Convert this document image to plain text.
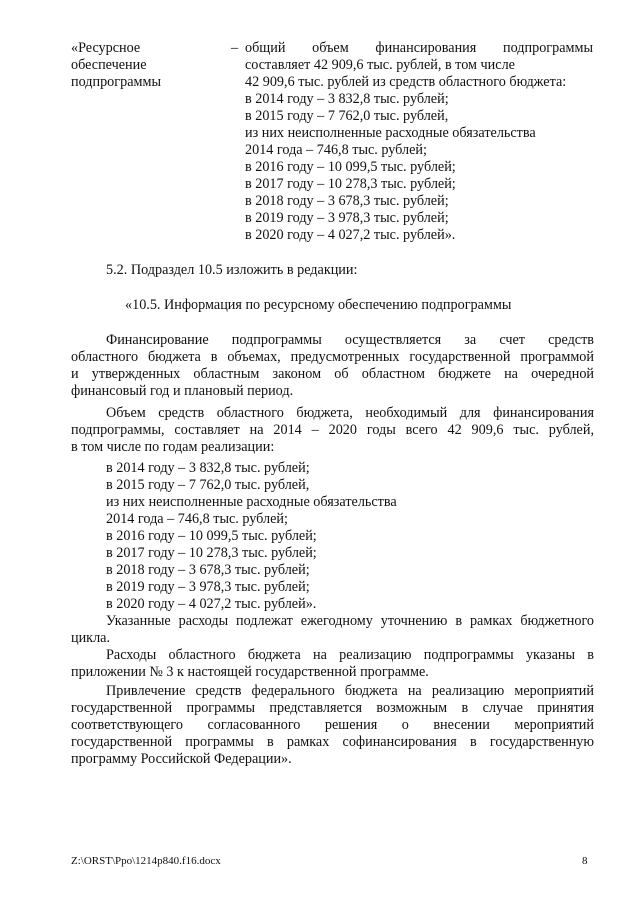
«Ресурсное
обеспечение
подпрограммы
– общий объем финансирования подпрограммы
составляет 42 909,6 тыс. рублей, в том числе
42 909,6 тыс. рублей из средств областного бюджета:
в 2014 году – 3 832,8 тыс. рублей;
в 2015 году – 7 762,0 тыс. рублей,
из них неисполненные расходные обязательства
2014 года – 746,8 тыс. рублей;
в 2016 году – 10 099,5 тыс. рублей;
в 2017 году – 10 278,3 тыс. рублей;
в 2018 году – 3 678,3 тыс. рублей;
в 2019 году – 3 978,3 тыс. рублей;
в 2020 году – 4 027,2 тыс. рублей».
5.2. Подраздел 10.5 изложить в редакции:
«10.5. Информация по ресурсному обеспечению подпрограммы
Финансирование подпрограммы осуществляется за счет средств
областного бюджета в объемах, предусмотренных государственной программой
и утвержденных областным законом об областном бюджете на очередной
финансовый год и плановый период.
Объем средств областного бюджета, необходимый для финансирования
подпрограммы, составляет на 2014 – 2020 годы всего 42 909,6 тыс. рублей,
в том числе по годам реализации:
в 2014 году – 3 832,8 тыс. рублей;
в 2015 году – 7 762,0 тыс. рублей,
из них неисполненные расходные обязательства
2014 года – 746,8 тыс. рублей;
в 2016 году – 10 099,5 тыс. рублей;
в 2017 году – 10 278,3 тыс. рублей;
в 2018 году – 3 678,3 тыс. рублей;
в 2019 году – 3 978,3 тыс. рублей;
в 2020 году – 4 027,2 тыс. рублей».
Указанные расходы подлежат ежегодному уточнению в рамках бюджетного
цикла.
Расходы областного бюджета на реализацию подпрограммы указаны в
приложении № 3 к настоящей государственной программе.
Привлечение средств федерального бюджета на реализацию мероприятий
государственной программы представляется возможным в случае принятия
соответствующего согласованного решения о внесении мероприятий
государственной программы в рамках софинансирования в государственную
программу Российской Федерации».
Z:\ORST\Ppo\1214p840.f16.docx	8
